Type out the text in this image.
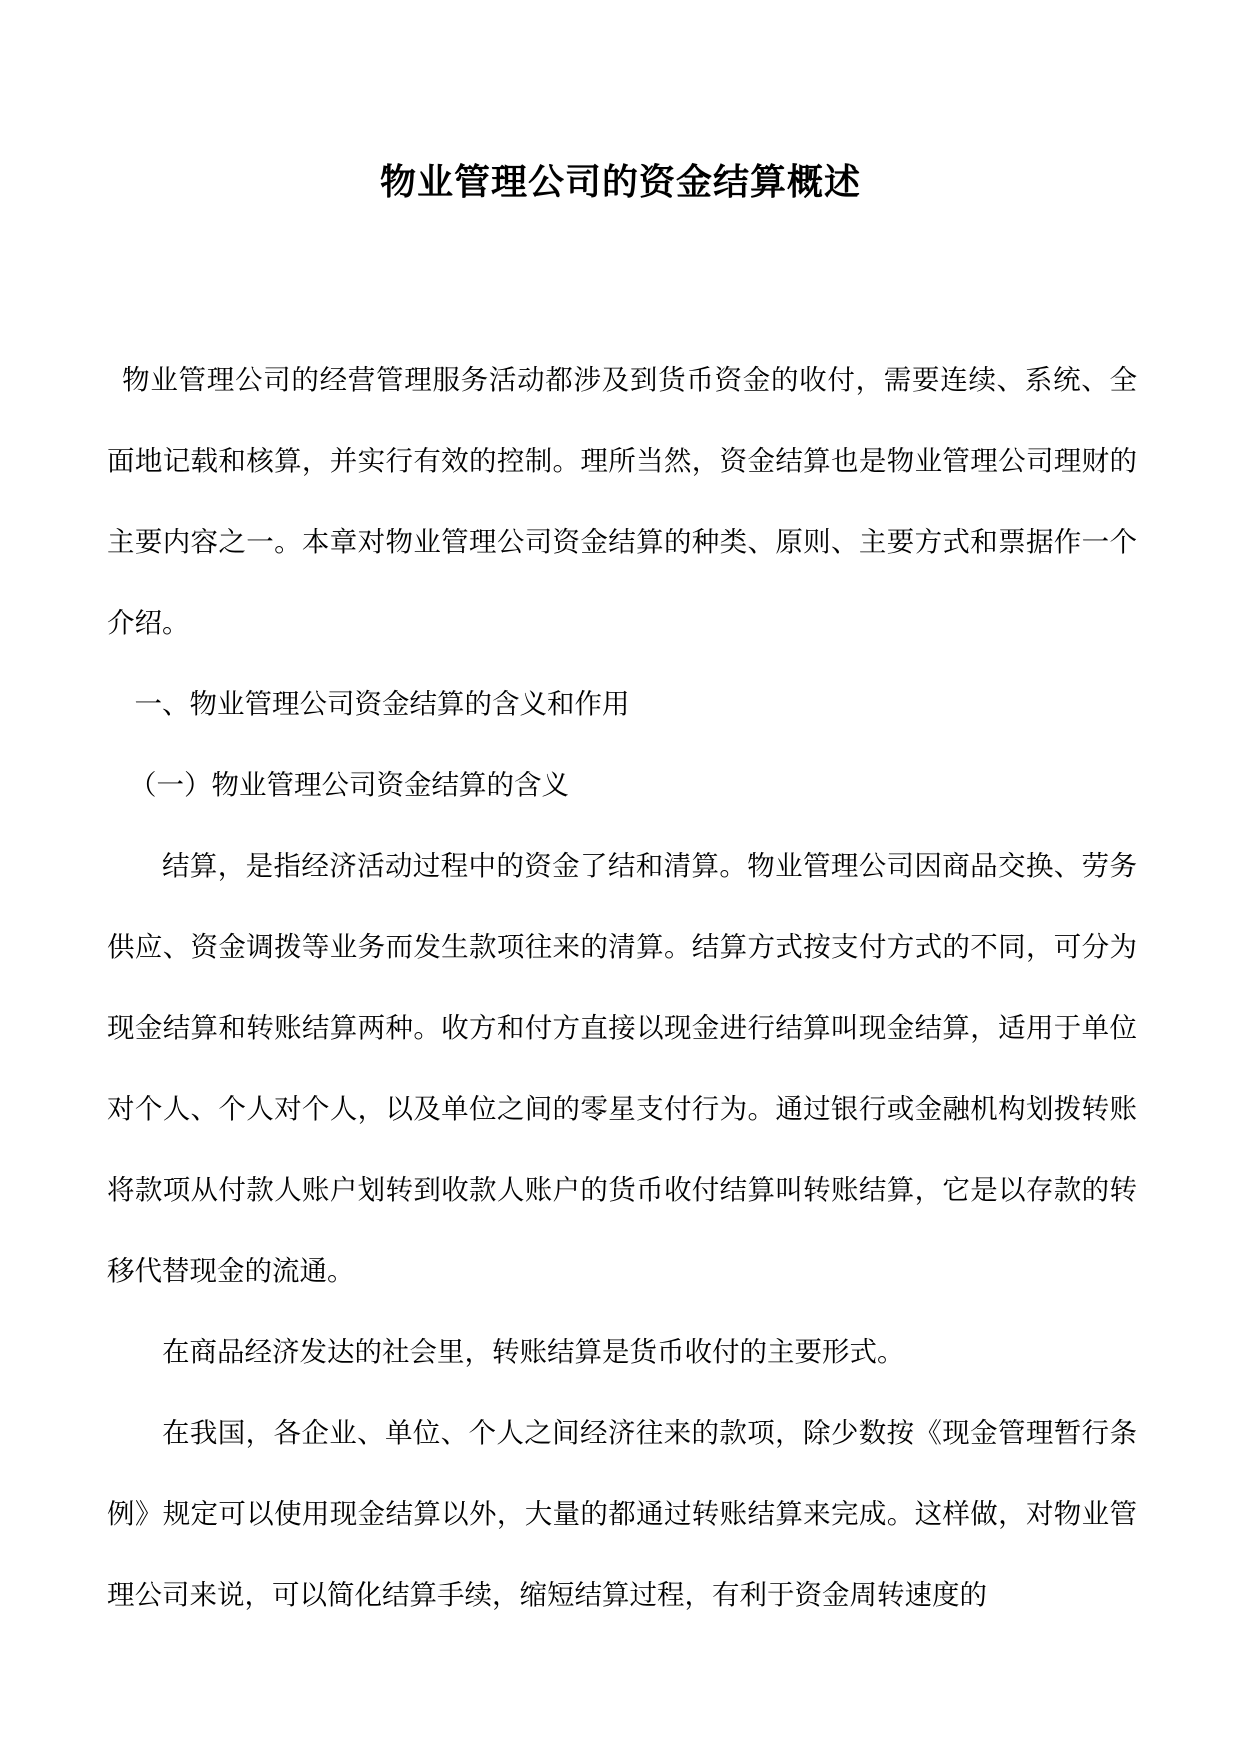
物业管理公司的资金结算概述

物业管理公司的经营管理服务活动都涉及到货币资金的收付，需要连续、系统、全面地记载和核算，并实行有效的控制。理所当然，资金结算也是物业管理公司理财的主要内容之一。本章对物业管理公司资金结算的种类、原则、主要方式和票据作一个介绍。

一、物业管理公司资金结算的含义和作用

（一）物业管理公司资金结算的含义

结算，是指经济活动过程中的资金了结和清算。物业管理公司因商品交换、劳务供应、资金调拨等业务而发生款项往来的清算。结算方式按支付方式的不同，可分为现金结算和转账结算两种。收方和付方直接以现金进行结算叫现金结算，适用于单位对个人、个人对个人，以及单位之间的零星支付行为。通过银行或金融机构划拨转账将款项从付款人账户划转到收款人账户的货币收付结算叫转账结算，它是以存款的转移代替现金的流通。

在商品经济发达的社会里，转账结算是货币收付的主要形式。

在我国，各企业、单位、个人之间经济往来的款项，除少数按《现金管理暂行条例》规定可以使用现金结算以外，大量的都通过转账结算来完成。这样做，对物业管理公司来说，可以简化结算手续，缩短结算过程，有利于资金周转速度的
